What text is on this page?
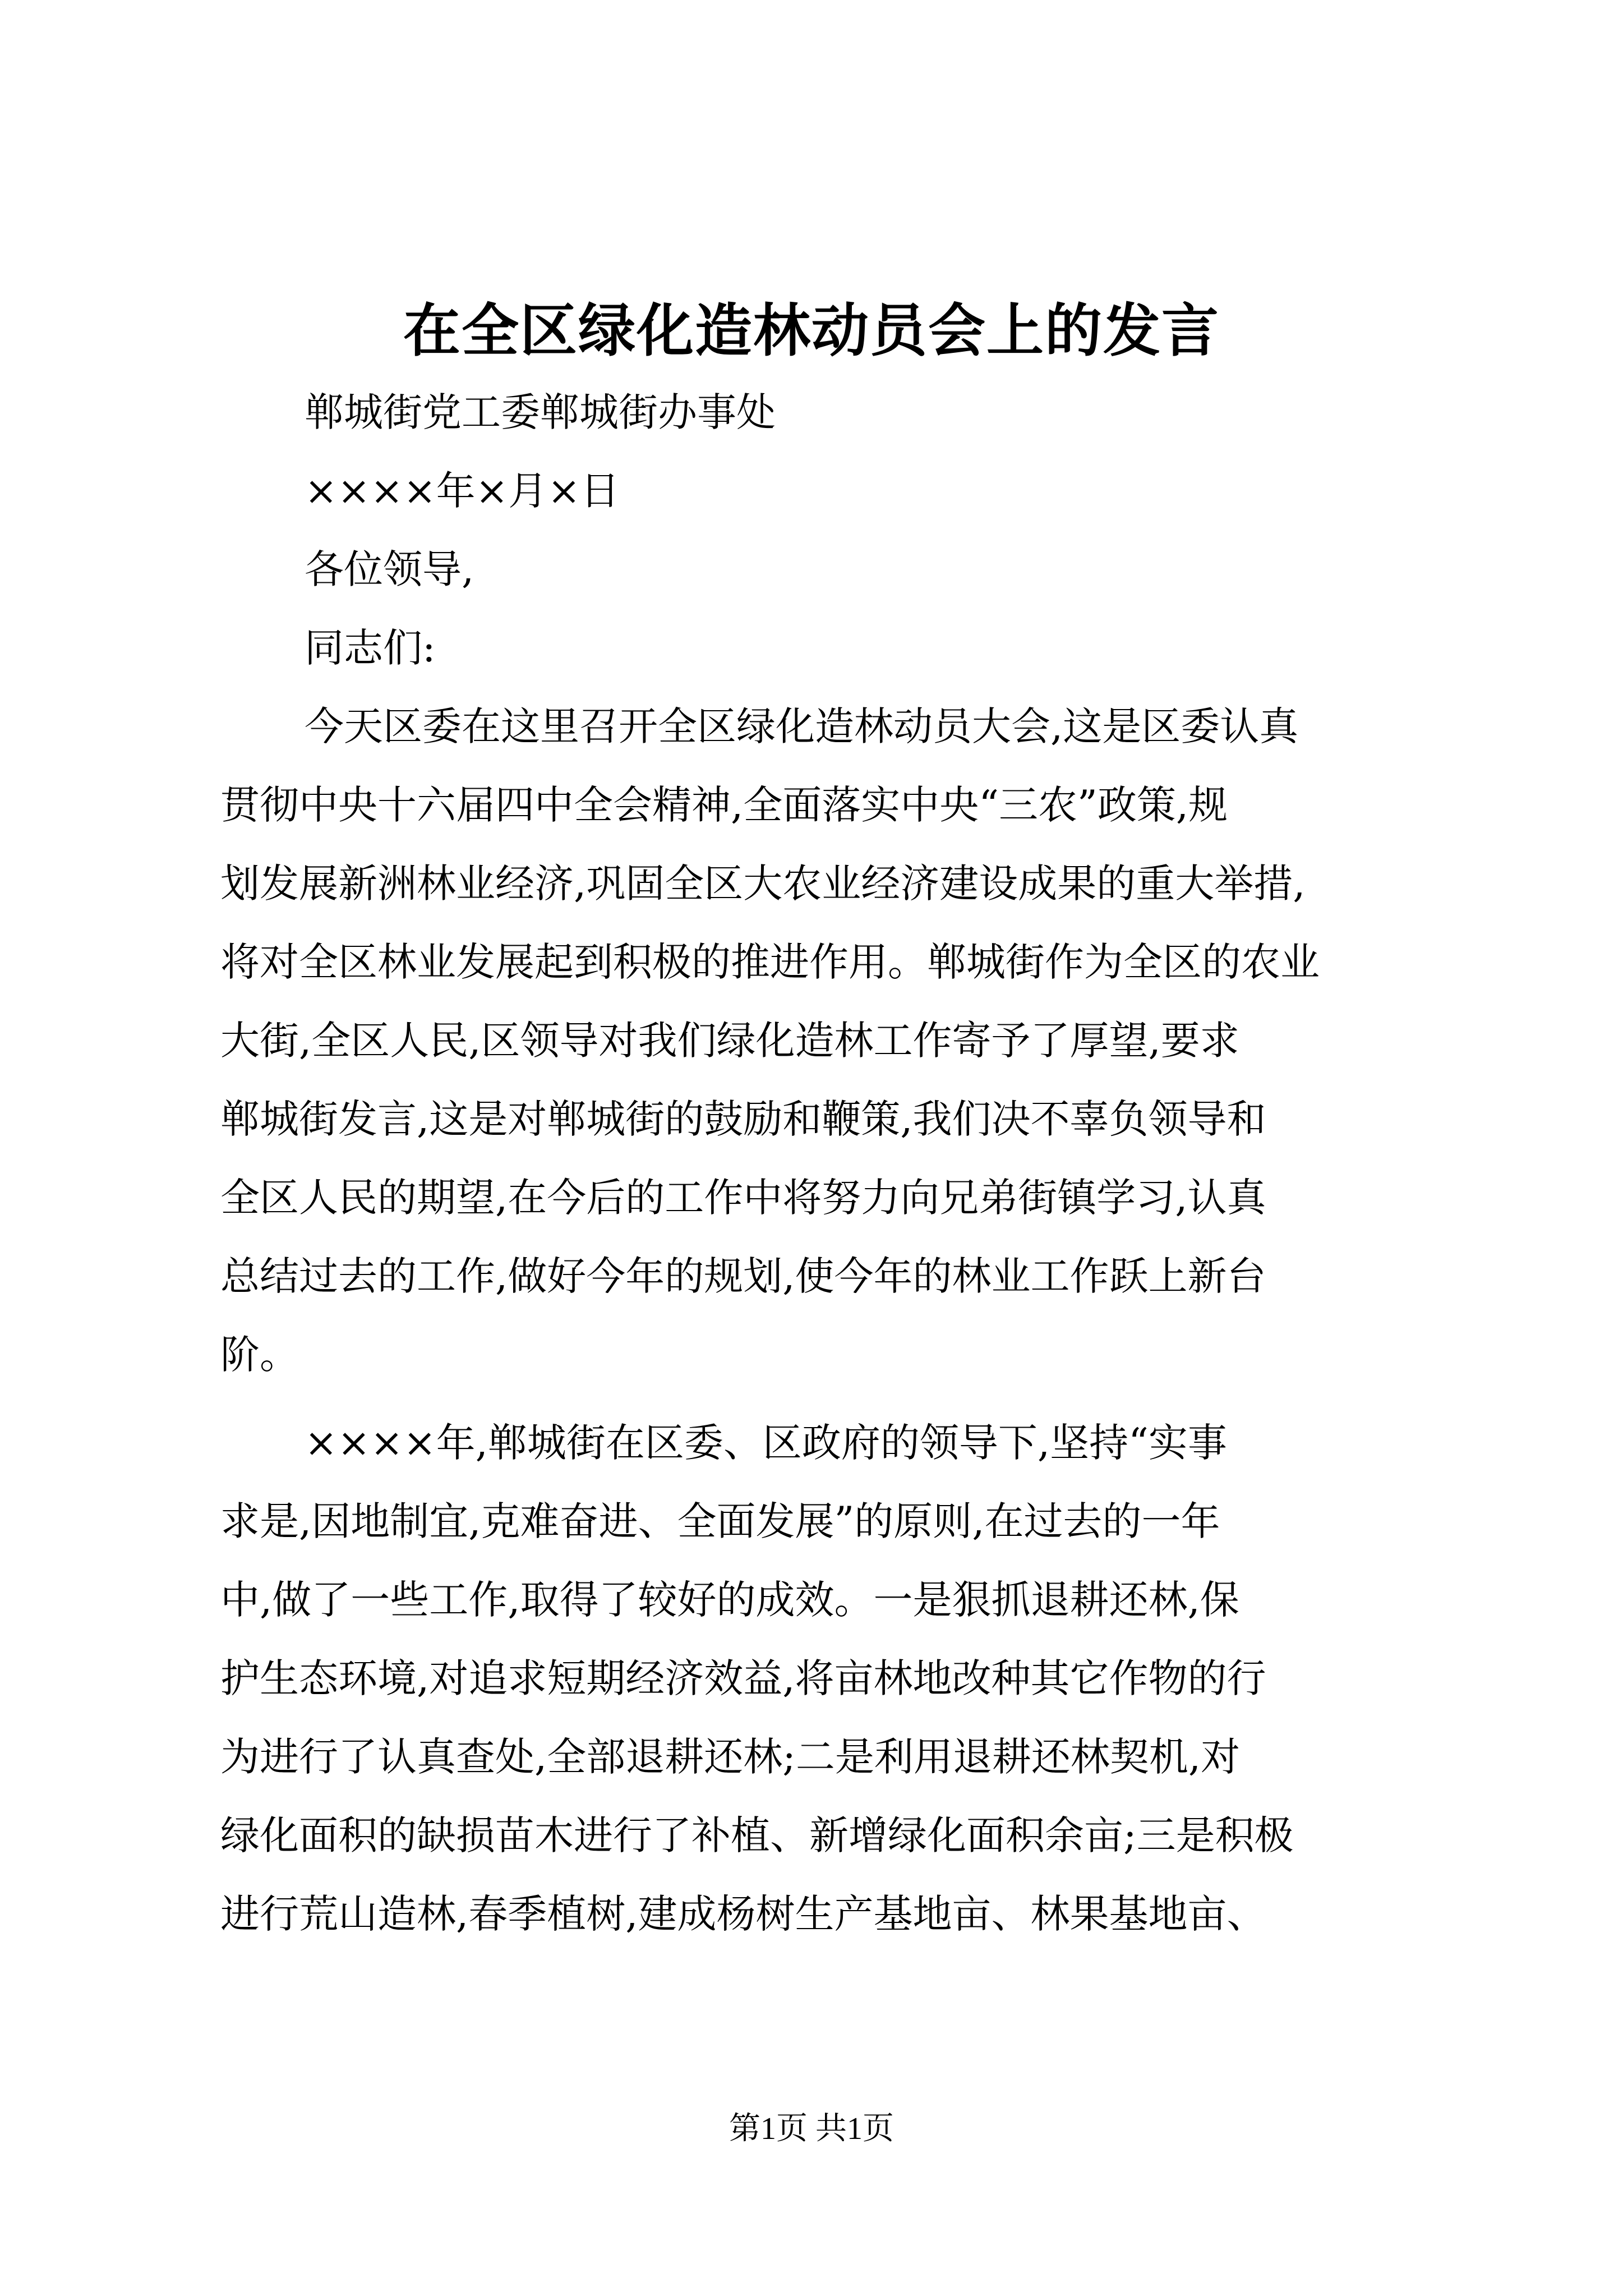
在全区绿化造林动员会上的发言
郸城街党工委郸城街办事处
××××年×月×日
各位领导,
同志们:
今天区委在这里召开全区绿化造林动员大会,这是区委认真
贯彻中央十六届四中全会精神,全面落实中央“三农”政策,规
划发展新洲林业经济,巩固全区大农业经济建设成果的重大举措,
将对全区林业发展起到积极的推进作用。郸城街作为全区的农业
大街,全区人民,区领导对我们绿化造林工作寄予了厚望,要求
郸城街发言,这是对郸城街的鼓励和鞭策,我们决不辜负领导和
全区人民的期望,在今后的工作中将努力向兄弟街镇学习,认真
总结过去的工作,做好今年的规划,使今年的林业工作跃上新台
阶。
××××年,郸城街在区委、区政府的领导下,坚持“实事
求是,因地制宜,克难奋进、全面发展”的原则,在过去的一年
中,做了一些工作,取得了较好的成效。一是狠抓退耕还林,保
护生态环境,对追求短期经济效益,将亩林地改种其它作物的行
为进行了认真查处,全部退耕还林;二是利用退耕还林契机,对
绿化面积的缺损苗木进行了补植、新增绿化面积余亩;三是积极
进行荒山造林,春季植树,建成杨树生产基地亩、林果基地亩、
第1页 共1页
